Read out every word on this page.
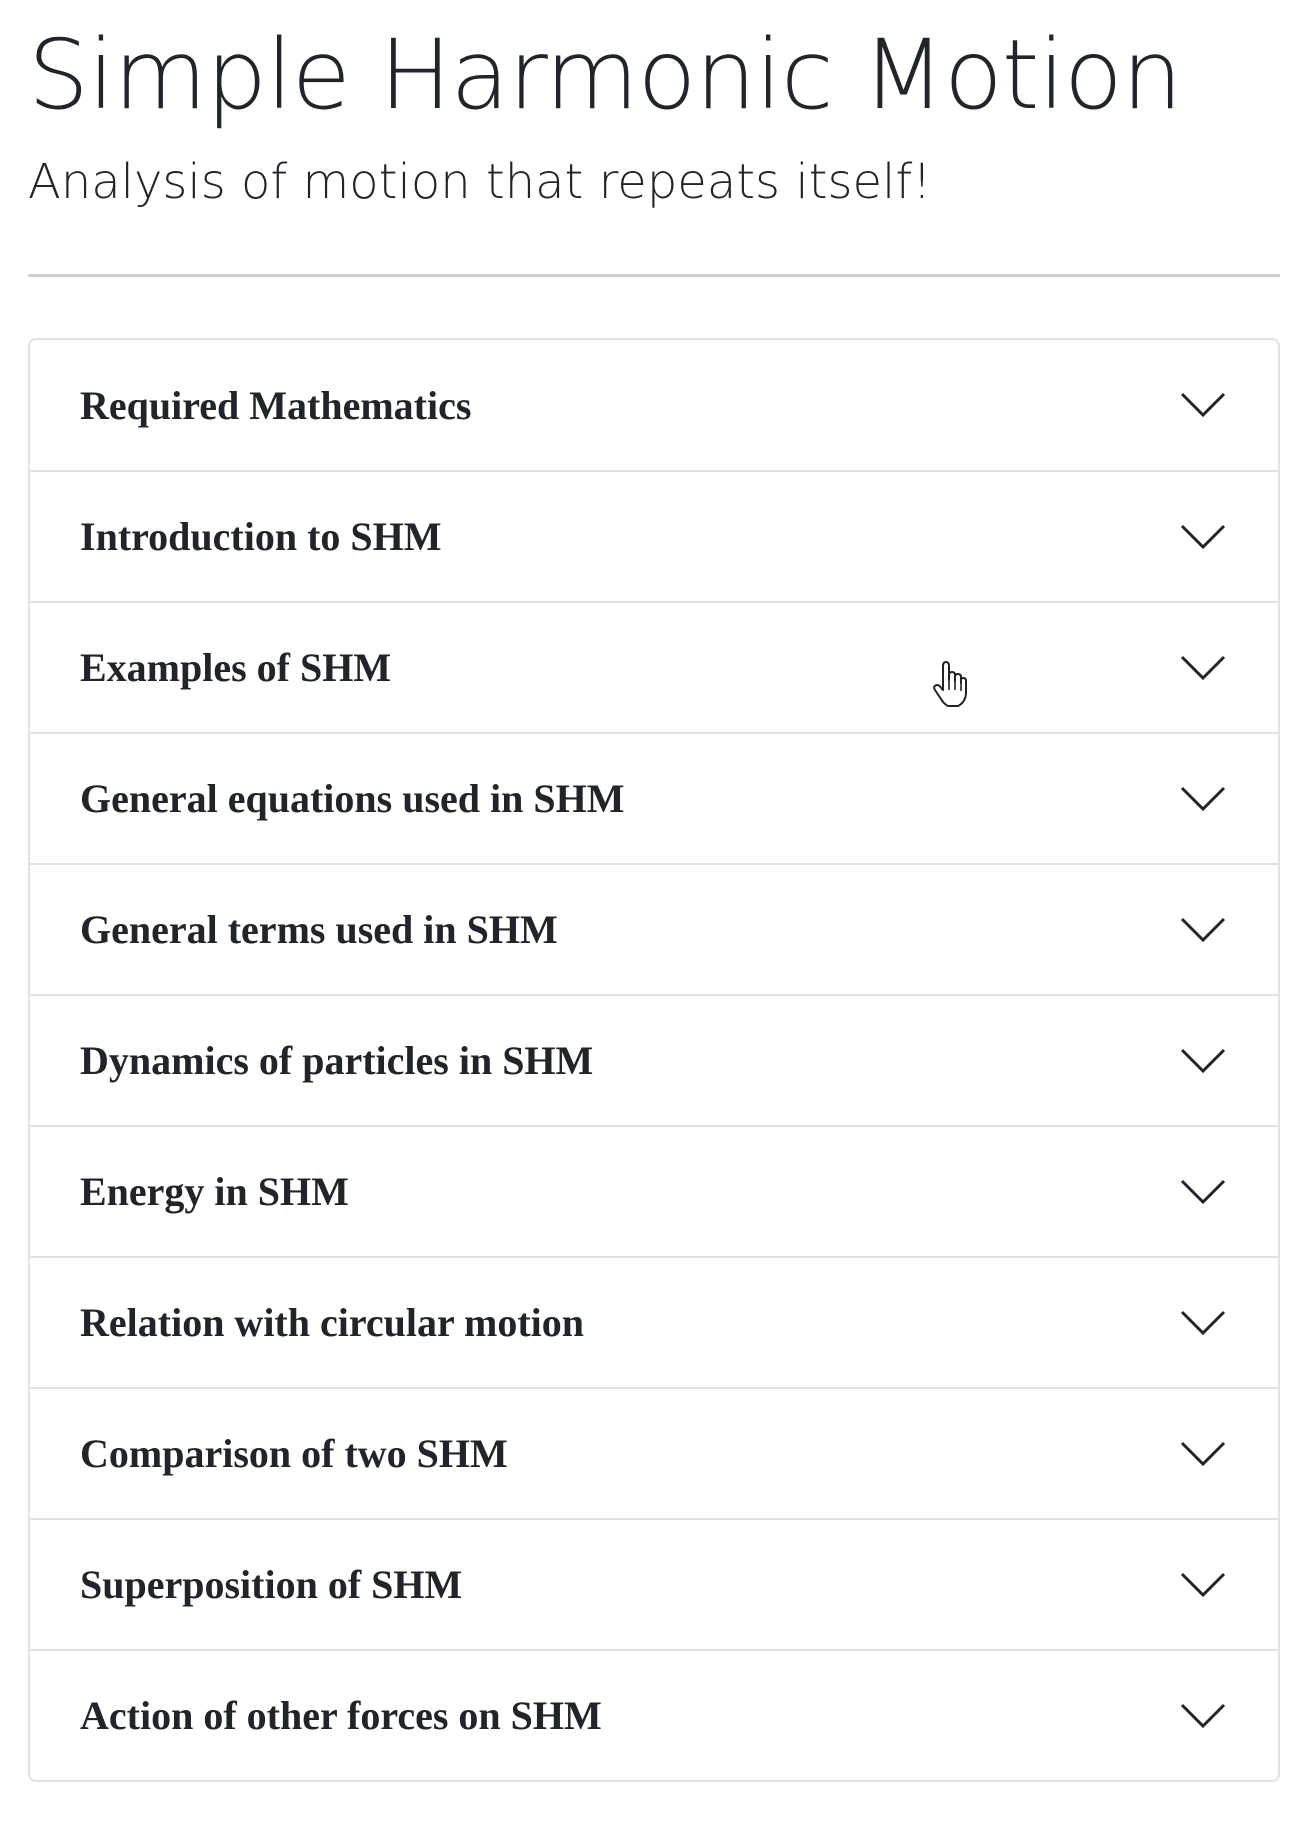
Simple Harmonic Motion

Analysis of motion that repeats itself!

Required Mathematics
Introduction to SHM
Examples of SHM
General equations used in SHM
General terms used in SHM
Dynamics of particles in SHM
Energy in SHM
Relation with circular motion
Comparison of two SHM
Superposition of SHM
Action of other forces on SHM
